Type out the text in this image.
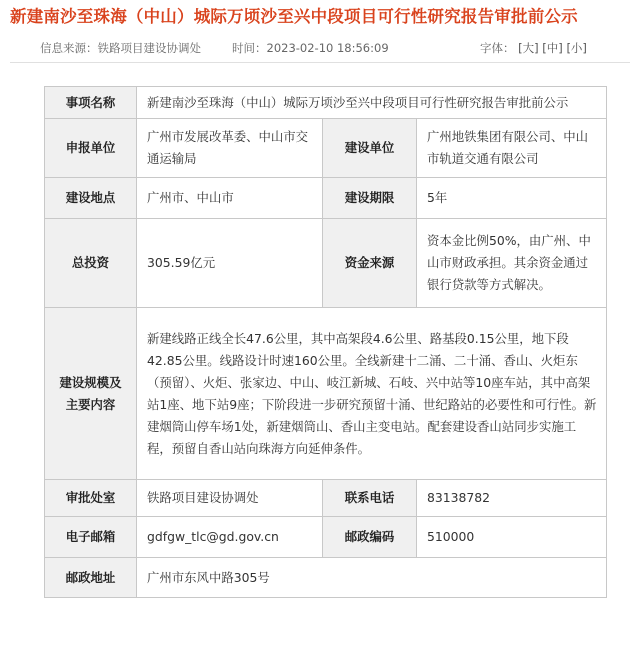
新建南沙至珠海（中山）城际万顷沙至兴中段项目可行性研究报告审批前公示
信息来源：铁路项目建设协调处	时间：2023-02-10 18:56:09	字体： [大] [中] [小]
事项名称	新建南沙至珠海（中山）城际万顷沙至兴中段项目可行性研究报告审批前公示		
申报单位	广州市发展改革委、中山市交通运输局	建设单位	广州地铁集团有限公司、中山市轨道交通有限公司
建设地点	广州市、中山市	建设期限	5年
总投资	305.59亿元	资金来源	资本金比例50%，由广州、中山市财政承担。其余资金通过银行贷款等方式解决。

建设规模及
主要内容	新建线路正线全长47.6公里，其中高架段4.6公里、路基段0.15公里，地下段42.85公里。线路设计时速160公里。全线新建十二涌、二十涌、香山、火炬东（预留）、火炬、张家边、中山、岐江新城、石岐、兴中站等10座车站，其中高架站1座、地下站9座；下阶段进一步研究预留十涌、世纪路站的必要性和可行性。新建烟筒山停车场1处，新建烟筒山、香山主变电站。配套建设香山站同步实施工程，预留自香山站向珠海方向延伸条件。		
审批处室	铁路项目建设协调处	联系电话	83138782
电子邮箱	gdfgw_tlc@gd.gov.cn	邮政编码	510000
邮政地址	广州市东风中路305号		
